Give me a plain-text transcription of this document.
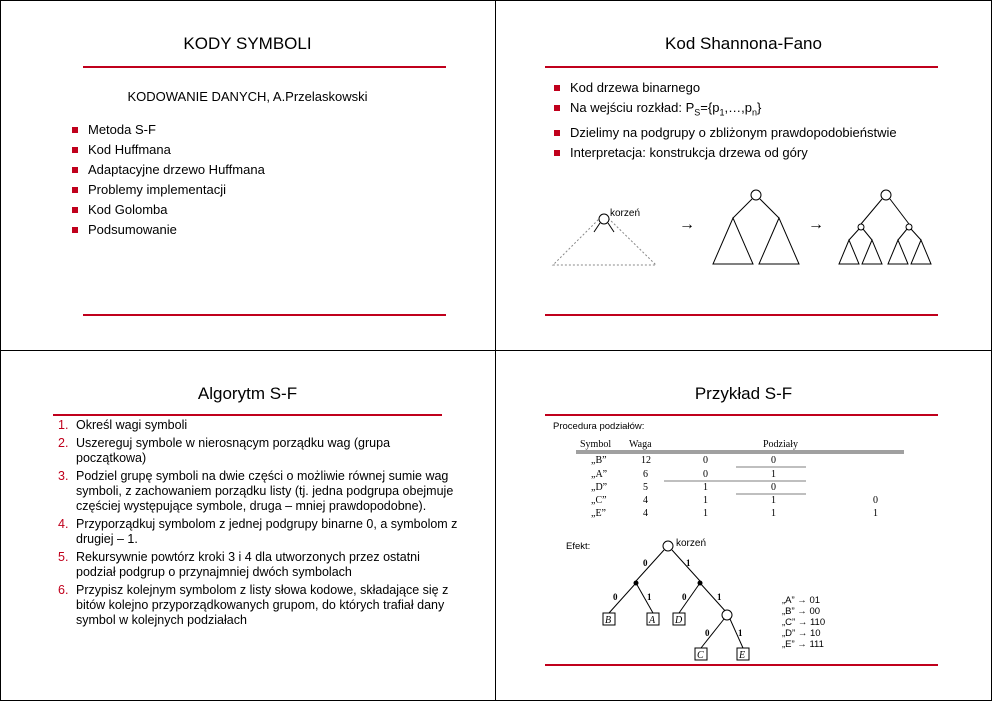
KODY SYMBOLI
KODOWANIE DANYCH, A.Przelaskowski
Metoda S-F
Kod Huffmana
Adaptacyjne drzewo Huffmana
Problemy implementacji
Kod Golomba
Podsumowanie
Kod Shannona-Fano
Kod drzewa binarnego
Na wejściu rozkład: $P_S=\{p_1,\dots,p_n\}$
Dzielimy na podgrupy o zbliżonym prawdopodobieństwie
Interpretacja: konstrukcja drzewa od góry
korzeń
→	→
Algorytm S-F
1. Określ wagi symboli
2. Uszereguj symbole w nierosnącym porządku wag (grupa początkowa)
3. Podziel grupę symboli na dwie części o możliwie równej sumie wag symboli, z zachowaniem porządku listy (tj. jedna podgrupa obejmuje częściej występujące symbole, druga – mniej prawdopodobne).
4. Przyporządkuj symbolom z jednej podgrupy binarne 0, a symbolom z drugiej – 1.
5. Rekursywnie powtórz kroki 3 i 4 dla utworzonych przez ostatni podział podgrup o przynajmniej dwóch symbolach
6. Przypisz kolejnym symbolom z listy słowa kodowe, składające się z bitów kolejno przyporządkowanych grupom, do których trafiał dany symbol w kolejnych podziałach
Przykład S-F
Procedura podziałów:
Symbol Waga	Podziały
„B”	12	0	0
„A”	6	0	1
„D”	5	1	0
„C”	4	1	1	0
„E”	4	1	1	1
Efekt:	korzeń
0	1
0	1	0	1
B	A D
0	1
C	E
„A” → 01
„B” → 00
„C” → 110
„D” → 10
„E” → 111
